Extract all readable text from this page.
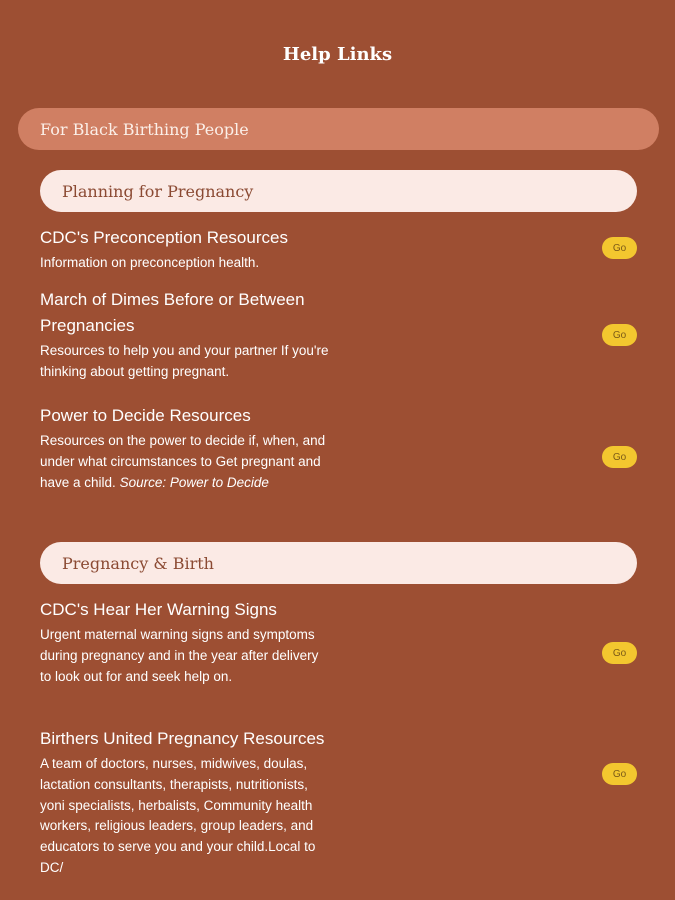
Help Links
For Black Birthing People
Planning for Pregnancy
CDC's Preconception Resources
Information on preconception health.
Go
March of Dimes Before or Between Pregnancies
Resources to help you and your partner If you're thinking about getting pregnant.
Go
Power to Decide Resources
Resources on the power to decide if, when, and under what circumstances to Get pregnant and have a child. Source: Power to Decide
Go
Pregnancy & Birth
CDC's Hear Her Warning Signs
Urgent maternal warning signs and symptoms during pregnancy and in the year after delivery to look out for and seek help on.
Go
Birthers United Pregnancy Resources
A team of doctors, nurses, midwives, doulas, lactation consultants, therapists, nutritionists, yoni specialists, herbalists, Community health workers, religious leaders, group leaders, and educators to serve you and your child.Local to DC/
Go
